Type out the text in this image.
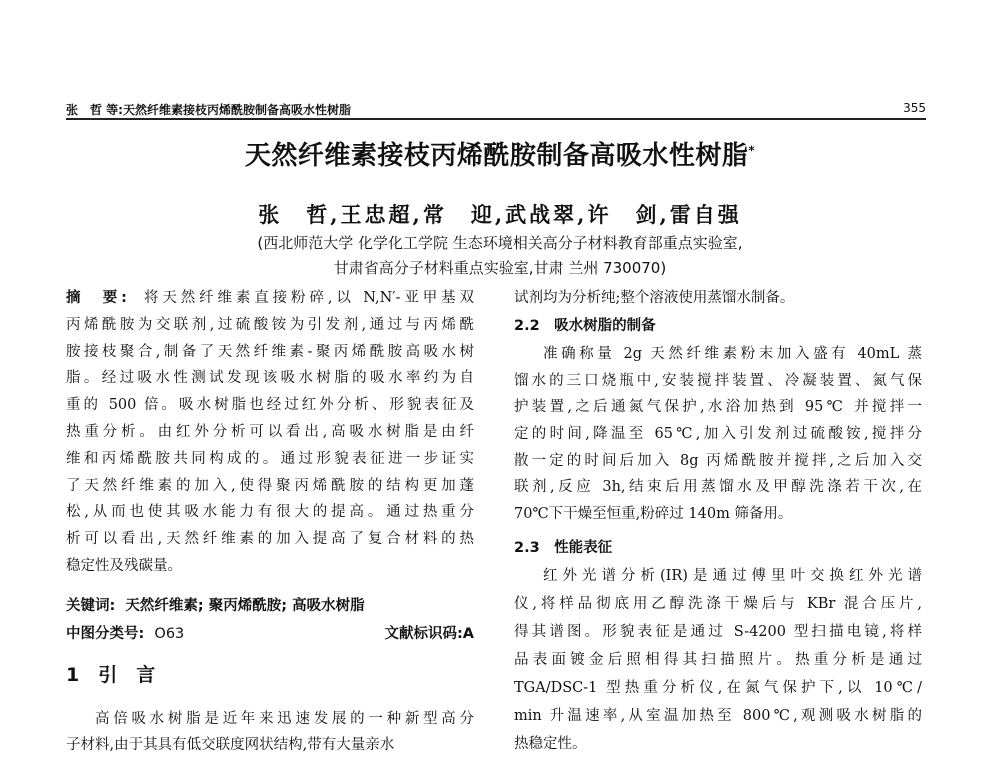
张　哲 等:天然纤维素接枝丙烯酰胺制备高吸水性树脂	355
天然纤维素接枝丙烯酰胺制备高吸水性树脂*
张　哲,王忠超,常　迎,武战翠,许　剑,雷自强
(西北师范大学 化学化工学院 生态环境相关高分子材料教育部重点实验室,
甘肃省高分子材料重点实验室,甘肃 兰州 730070)
摘　要: 将天然纤维素直接粉碎,以 N,N′-亚甲基双
丙烯酰胺为交联剂,过硫酸铵为引发剂,通过与丙烯酰
胺接枝聚合,制备了天然纤维素-聚丙烯酰胺高吸水树
脂。经过吸水性测试发现该吸水树脂的吸水率约为自
重的 500 倍。吸水树脂也经过红外分析、形貌表征及
热重分析。由红外分析可以看出,高吸水树脂是由纤
维和丙烯酰胺共同构成的。通过形貌表征进一步证实
了天然纤维素的加入,使得聚丙烯酰胺的结构更加蓬
松,从而也使其吸水能力有很大的提高。通过热重分
析可以看出,天然纤维素的加入提高了复合材料的热
稳定性及残碳量。
关键词: 天然纤维素; 聚丙烯酰胺; 高吸水树脂
中图分类号: O63	文献标识码:A
1　引　言
高倍吸水树脂是近年来迅速发展的一种新型高分
子材料,由于其具有低交联度网状结构,带有大量亲水
试剂均为分析纯;整个溶液使用蒸馏水制备。
2.2　吸水树脂的制备
准确称量 2g 天然纤维素粉末加入盛有 40mL 蒸
馏水的三口烧瓶中,安装搅拌装置、冷凝装置、氮气保
护装置,之后通氮气保护,水浴加热到 95℃ 并搅拌一
定的时间,降温至 65℃,加入引发剂过硫酸铵,搅拌分
散一定的时间后加入 8g 丙烯酰胺并搅拌,之后加入交
联剂,反应 3h,结束后用蒸馏水及甲醇洗涤若干次,在
70℃下干燥至恒重,粉碎过 140m 筛备用。
2.3　性能表征
红外光谱分析(IR)是通过傅里叶交换红外光谱
仪,将样品彻底用乙醇洗涤干燥后与 KBr 混合压片,
得其谱图。形貌表征是通过 S-4200 型扫描电镜,将样
品表面镀金后照相得其扫描照片。热重分析是通过
TGA/DSC-1 型热重分析仪,在氮气保护下,以 10℃/
min 升温速率,从室温加热至 800℃,观测吸水树脂的
热稳定性。
